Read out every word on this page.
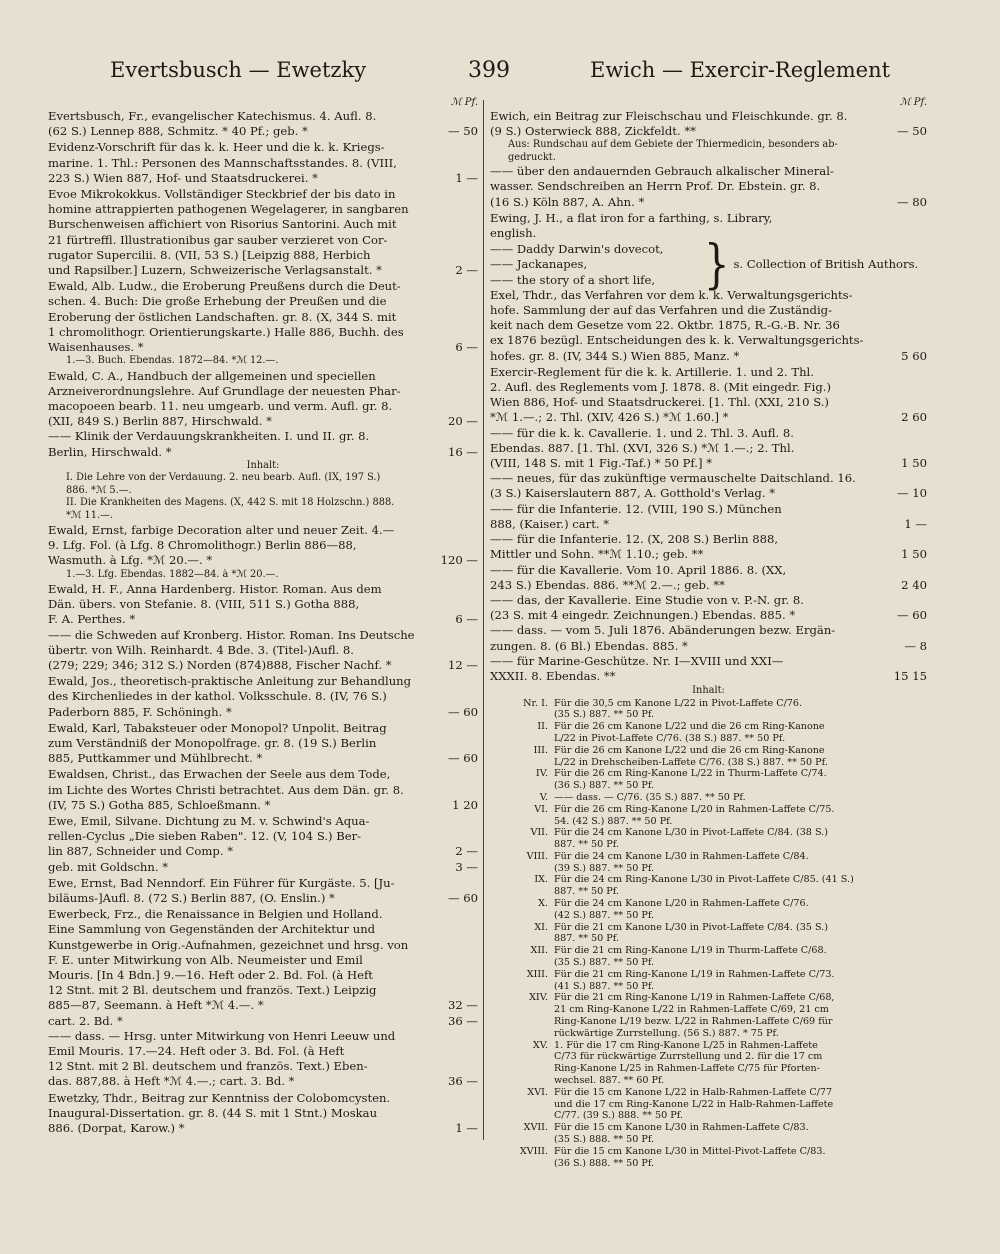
Evertsbusch — Ewetzky	399	Ewich — Exercir-Reglement
ℳ Pf.
Evertsbusch, Fr., evangelischer Katechismus. 4. Aufl. 8.
(62 S.) Lennep 888, Schmitz. * 40 Pf.; geb. *	— 50
Evidenz-Vorschrift für das k. k. Heer und die k. k. Kriegs-
marine. 1. Thl.: Personen des Mannschaftsstandes. 8. (VIII,
223 S.) Wien 887, Hof- und Staatsdruckerei. *	1 —
Evoe Mikrokokkus. Vollständiger Steckbrief der bis dato in
homine attrappierten pathogenen Wegelagerer, in sangbaren
Burschenweisen affichiert von Risorius Santorini. Auch mit
21 fürtreffl. Illustrationibus gar sauber verzieret von Cor-
rugator Supercilii. 8. (VII, 53 S.) [Leipzig 888, Herbich
und Rapsilber.] Luzern, Schweizerische Verlagsanstalt. *	2 —
Ewald, Alb. Ludw., die Eroberung Preußens durch die Deut-
schen. 4. Buch: Die große Erhebung der Preußen und die
Eroberung der östlichen Landschaften. gr. 8. (X, 344 S. mit
1 chromolithogr. Orientierungskarte.) Halle 886, Buchh. des
Waisenhauses. *	6 —
1.—3. Buch. Ebendas. 1872—84. *ℳ 12.—.
Ewald, C. A., Handbuch der allgemeinen und speciellen
Arzneiverordnungslehre. Auf Grundlage der neuesten Phar-
macopoeen bearb. 11. neu umgearb. und verm. Aufl. gr. 8.
(XII, 849 S.) Berlin 887, Hirschwald. *	20 —
—— Klinik der Verdauungskrankheiten. I. und II. gr. 8.
Berlin, Hirschwald. *	16 —
Inhalt:
I. Die Lehre von der Verdauung. 2. neu bearb. Aufl. (IX, 197 S.)
886. *ℳ 5.—.
II. Die Krankheiten des Magens. (X, 442 S. mit 18 Holzschn.) 888.
*ℳ 11.—.
Ewald, Ernst, farbige Decoration alter und neuer Zeit. 4.—
9. Lfg. Fol. (à Lfg. 8 Chromolithogr.) Berlin 886—88,
Wasmuth. à Lfg. *ℳ 20.—. *	120 —
1.—3. Lfg. Ebendas. 1882—84. à *ℳ 20.—.
Ewald, H. F., Anna Hardenberg. Histor. Roman. Aus dem
Dän. übers. von Stefanie. 8. (VIII, 511 S.) Gotha 888,
F. A. Perthes. *	6 —
—— die Schweden auf Kronberg. Histor. Roman. Ins Deutsche
übertr. von Wilh. Reinhardt. 4 Bde. 3. (Titel-)Aufl. 8.
(279; 229; 346; 312 S.) Norden (874)888, Fischer Nachf. *	12 —
Ewald, Jos., theoretisch-praktische Anleitung zur Behandlung
des Kirchenliedes in der kathol. Volksschule. 8. (IV, 76 S.)
Paderborn 885, F. Schöningh. *	— 60
Ewald, Karl, Tabaksteuer oder Monopol? Unpolit. Beitrag
zum Verständniß der Monopolfrage. gr. 8. (19 S.) Berlin
885, Puttkammer und Mühlbrecht. *	— 60
Ewaldsen, Christ., das Erwachen der Seele aus dem Tode,
im Lichte des Wortes Christi betrachtet. Aus dem Dän. gr. 8.
(IV, 75 S.) Gotha 885, Schloeßmann. *	1 20
Ewe, Emil, Silvane. Dichtung zu M. v. Schwind's Aqua-
rellen-Cyclus „Die sieben Raben". 12. (V, 104 S.) Ber-
lin 887, Schneider und Comp. *	2 —
geb. mit Goldschn. *	3 —
Ewe, Ernst, Bad Nenndorf. Ein Führer für Kurgäste. 5. [Ju-
biläums-]Aufl. 8. (72 S.) Berlin 887, (O. Enslin.) *	— 60
Ewerbeck, Frz., die Renaissance in Belgien und Holland.
Eine Sammlung von Gegenständen der Architektur und
Kunstgewerbe in Orig.-Aufnahmen, gezeichnet und hrsg. von
F. E. unter Mitwirkung von Alb. Neumeister und Emil
Mouris. [In 4 Bdn.] 9.—16. Heft oder 2. Bd. Fol. (à Heft
12 Stnt. mit 2 Bl. deutschem und französ. Text.) Leipzig
885—87, Seemann. à Heft *ℳ 4.—. *	32 —
cart. 2. Bd. *	36 —
—— dass. — Hrsg. unter Mitwirkung von Henri Leeuw und
Emil Mouris. 17.—24. Heft oder 3. Bd. Fol. (à Heft
12 Stnt. mit 2 Bl. deutschem und französ. Text.) Eben-
das. 887,88. à Heft *ℳ 4.—.; cart. 3. Bd. *	36 —
Ewetzky, Thdr., Beitrag zur Kenntniss der Colobomcysten.
Inaugural-Dissertation. gr. 8. (44 S. mit 1 Stnt.) Moskau
886. (Dorpat, Karow.) *	1 —
ℳ Pf.
Ewich, ein Beitrag zur Fleischschau und Fleischkunde. gr. 8.
(9 S.) Osterwieck 888, Zickfeldt. **	— 50
Aus: Rundschau auf dem Gebiete der Thiermedicin, besonders ab-
gedruckt.
—— über den andauernden Gebrauch alkalischer Mineral-
wasser. Sendschreiben an Herrn Prof. Dr. Ebstein. gr. 8.
(16 S.) Köln 887, A. Ahn. *	— 80
Ewing, J. H., a flat iron for a farthing, s. Library,
english.
—— Daddy Darwin's dovecot,
—— Jackanapes,
—— the story of a short life,	} s. Collection of British Authors.
Exel, Thdr., das Verfahren vor dem k. k. Verwaltungsgerichts-
hofe. Sammlung der auf das Verfahren und die Zuständig-
keit nach dem Gesetze vom 22. Oktbr. 1875, R.-G.-B. Nr. 36
ex 1876 bezügl. Entscheidungen des k. k. Verwaltungsgerichts-
hofes. gr. 8. (IV, 344 S.) Wien 885, Manz. *	5 60
Exercir-Reglement für die k. k. Artillerie. 1. und 2. Thl.
2. Aufl. des Reglements vom J. 1878. 8. (Mit eingedr. Fig.)
Wien 886, Hof- und Staatsdruckerei. [1. Thl. (XXI, 210 S.)
*ℳ 1.—.; 2. Thl. (XIV, 426 S.) *ℳ 1.60.] *	2 60
—— für die k. k. Cavallerie. 1. und 2. Thl. 3. Aufl. 8.
Ebendas. 887. [1. Thl. (XVI, 326 S.) *ℳ 1.—.; 2. Thl.
(VIII, 148 S. mit 1 Fig.-Taf.) * 50 Pf.] *	1 50
—— neues, für das zukünftige vermauschelte Daitschland. 16.
(3 S.) Kaiserslautern 887, A. Gotthold's Verlag. *	— 10
—— für die Infanterie. 12. (VIII, 190 S.) München
888, (Kaiser.) cart. *	1 —
—— für die Infanterie. 12. (X, 208 S.) Berlin 888,
Mittler und Sohn. **ℳ 1.10.; geb. **	1 50
—— für die Kavallerie. Vom 10. April 1886. 8. (XX,
243 S.) Ebendas. 886. **ℳ 2.—.; geb. **	2 40
—— das, der Kavallerie. Eine Studie von v. P.-N. gr. 8.
(23 S. mit 4 eingedr. Zeichnungen.) Ebendas. 885. *	— 60
—— dass. — vom 5. Juli 1876. Abänderungen bezw. Ergän-
zungen. 8. (6 Bl.) Ebendas. 885. *	— 8
—— für Marine-Geschütze. Nr. I—XVIII und XXI—
XXXII. 8. Ebendas. **	15 15
Inhalt:
Nr. I. Für die 30,5 cm Kanone L/22 in Pivot-Laffete C/76.
(35 S.) 887. ** 50 Pf.
II. Für die 26 cm Kanone L/22 und die 26 cm Ring-Kanone
L/22 in Pivot-Laffete C/76. (38 S.) 887. ** 50 Pf.
III. Für die 26 cm Kanone L/22 und die 26 cm Ring-Kanone
L/22 in Drehscheiben-Laffete C/76. (38 S.) 887. ** 50 Pf.
IV. Für die 26 cm Ring-Kanone L/22 in Thurm-Laffete C/74.
(36 S.) 887. ** 50 Pf.
V. —— dass. — C/76. (35 S.) 887. ** 50 Pf.
VI. Für die 26 cm Ring-Kanone L/20 in Rahmen-Laffete C/75.
54. (42 S.) 887. ** 50 Pf.
VII. Für die 24 cm Kanone L/30 in Pivot-Laffete C/84. (38 S.)
887. ** 50 Pf.
VIII. Für die 24 cm Kanone L/30 in Rahmen-Laffete C/84.
(39 S.) 887. ** 50 Pf.
IX. Für die 24 cm Ring-Kanone L/30 in Pivot-Laffete C/85. (41 S.)
887. ** 50 Pf.
X. Für die 24 cm Kanone L/20 in Rahmen-Laffete C/76.
(42 S.) 887. ** 50 Pf.
XI. Für die 21 cm Kanone L/30 in Pivot-Laffete C/84. (35 S.)
887. ** 50 Pf.
XII. Für die 21 cm Ring-Kanone L/19 in Thurm-Laffete C/68.
(35 S.) 887. ** 50 Pf.
XIII. Für die 21 cm Ring-Kanone L/19 in Rahmen-Laffete C/73.
(41 S.) 887. ** 50 Pf.
XIV. Für die 21 cm Ring-Kanone L/19 in Rahmen-Laffete C/68,
21 cm Ring-Kanone L/22 in Rahmen-Laffete C/69, 21 cm
Ring-Kanone L/19 bezw. L/22 in Rahmen-Laffete C/69 für
rückwärtige Zurrstellung. (56 S.) 887. * 75 Pf.
XV. 1. Für die 17 cm Ring-Kanone L/25 in Rahmen-Laffete
C/73 für rückwärtige Zurrstellung und 2. für die 17 cm
Ring-Kanone L/25 in Rahmen-Laffete C/75 für Pforten-
wechsel. 887. ** 60 Pf.
XVI. Für die 15 cm Kanone L/22 in Halb-Rahmen-Laffete C/77
und die 17 cm Ring-Kanone L/22 in Halb-Rahmen-Laffete
C/77. (39 S.) 888. ** 50 Pf.
XVII. Für die 15 cm Kanone L/30 in Rahmen-Laffete C/83.
(35 S.) 888. ** 50 Pf.
XVIII. Für die 15 cm Kanone L/30 in Mittel-Pivot-Laffete C/83.
(36 S.) 888. ** 50 Pf.
